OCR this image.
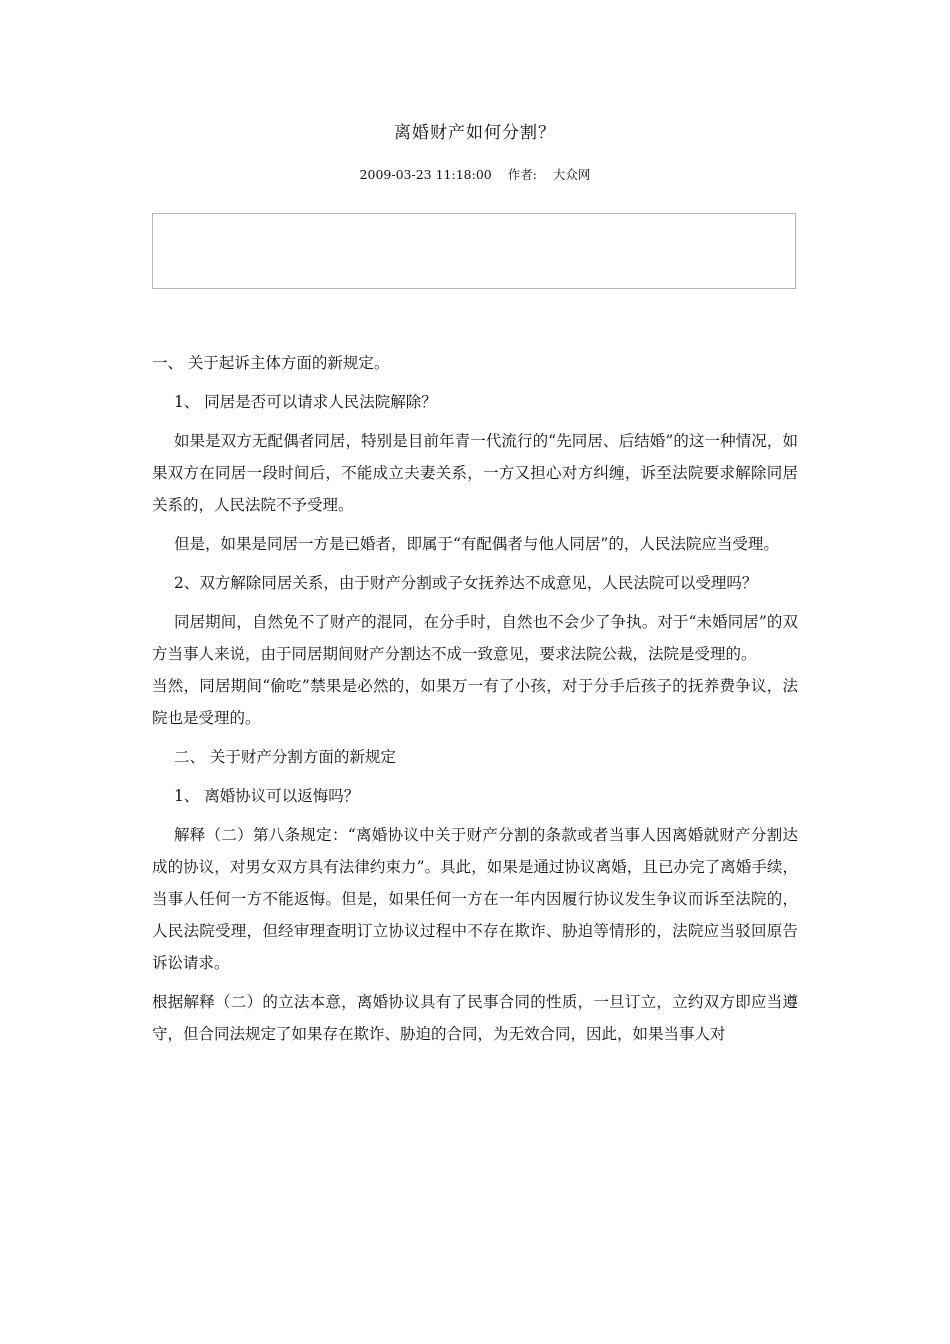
离婚财产如何分割？
2009-03-23 11:18:00 作者: 大众网

一、 关于起诉主体方面的新规定。

1、 同居是否可以请求人民法院解除？

如果是双方无配偶者同居，特别是目前年青一代流行的“先同居、后结婚”的这一种情况，如果双方在同居一段时间后，不能成立夫妻关系，一方又担心对方纠缠，诉至法院要求解除同居关系的，人民法院不予受理。

但是，如果是同居一方是已婚者，即属于“有配偶者与他人同居”的，人民法院应当受理。

2、双方解除同居关系，由于财产分割或子女抚养达不成意见，人民法院可以受理吗？

同居期间，自然免不了财产的混同，在分手时，自然也不会少了争执。对于“未婚同居”的双方当事人来说，由于同居期间财产分割达不成一致意见，要求法院公裁，法院是受理的。

当然，同居期间“偷吃”禁果是必然的，如果万一有了小孩，对于分手后孩子的抚养费争议，法院也是受理的。

二、 关于财产分割方面的新规定

1、 离婚协议可以返悔吗？

解释（二）第八条规定：“离婚协议中关于财产分割的条款或者当事人因离婚就财产分割达成的协议，对男女双方具有法律约束力”。具此，如果是通过协议离婚，且已办完了离婚手续，当事人任何一方不能返悔。但是，如果任何一方在一年内因履行协议发生争议而诉至法院的，人民法院受理，但经审理查明订立协议过程中不存在欺诈、胁迫等情形的，法院应当驳回原告诉讼请求。

根据解释（二）的立法本意，离婚协议具有了民事合同的性质，一旦订立，立约双方即应当遵守，但合同法规定了如果存在欺诈、胁迫的合同，为无效合同，因此，如果当事人对
